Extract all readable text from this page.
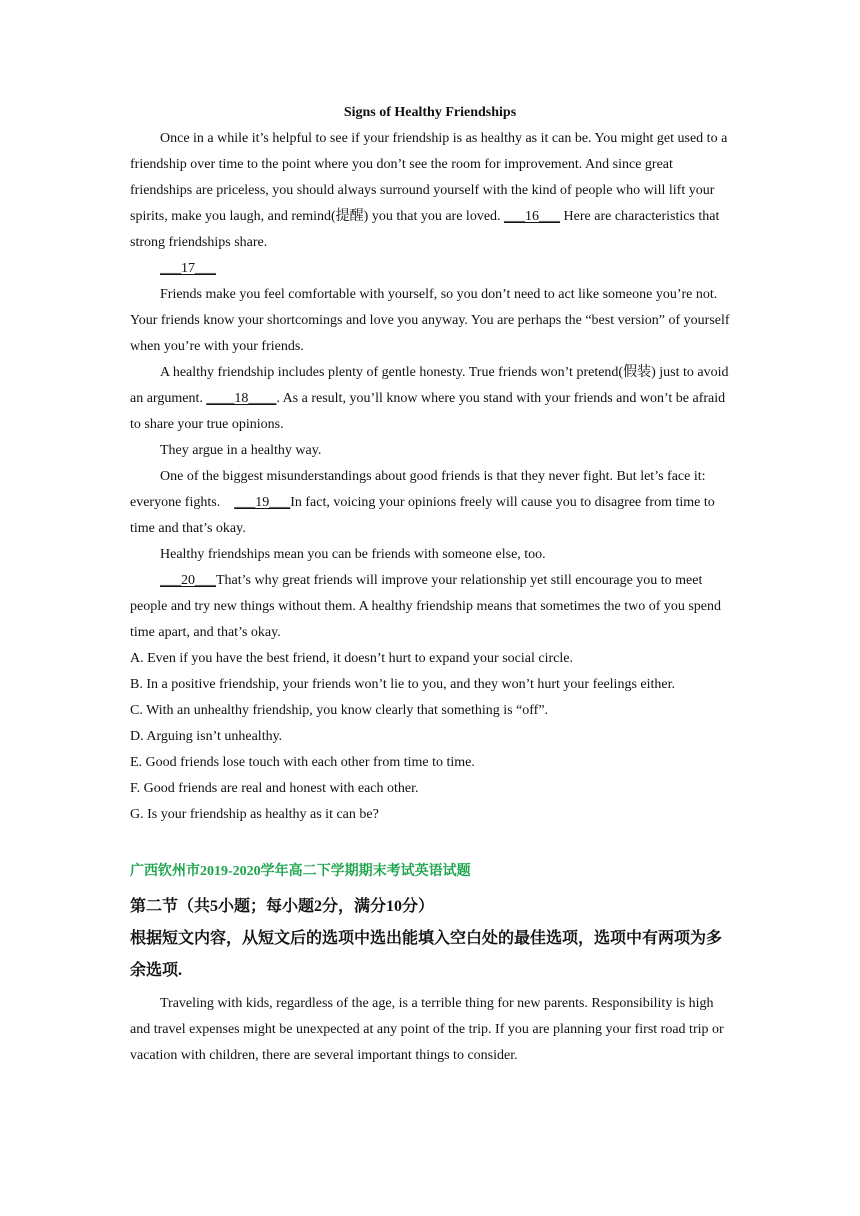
Signs of Healthy Friendships

Once in a while it’s helpful to see if your friendship is as healthy as it can be. You might get used to a friendship over time to the point where you don’t see the room for improvement. And since great friendships are priceless, you should always surround yourself with the kind of people who will lift your spirits, make you laugh, and remind(提醒) you that you are loved. ___16___ Here are characteristics that strong friendships share.

___17___

Friends make you feel comfortable with yourself, so you don’t need to act like someone you’re not. Your friends know your shortcomings and love you anyway. You are perhaps the “best version” of yourself when you’re with your friends.

A healthy friendship includes plenty of gentle honesty. True friends won’t pretend(假装) just to avoid an argument. ____18____. As a result, you’ll know where you stand with your friends and won’t be afraid to share your true opinions.

They argue in a healthy way.

One of the biggest misunderstandings about good friends is that they never fight. But let’s face it: everyone fights.    ___19___In fact, voicing your opinions freely will cause you to disagree from time to time and that’s okay.

Healthy friendships mean you can be friends with someone else, too.

___20___That’s why great friends will improve your relationship yet still encourage you to meet people and try new things without them. A healthy friendship means that sometimes the two of you spend time apart, and that’s okay.

A. Even if you have the best friend, it doesn’t hurt to expand your social circle.

B. In a positive friendship, your friends won’t lie to you, and they won’t hurt your feelings either.

C. With an unhealthy friendship, you know clearly that something is “off”.

D. Arguing isn’t unhealthy.

E. Good friends lose touch with each other from time to time.

F. Good friends are real and honest with each other.

G. Is your friendship as healthy as it can be?

广西钦州市2019-2020学年高二下学期期末考试英语试题

第二节（共5小题；每小题2分，满分10分）

根据短文内容，从短文后的选项中选出能填入空白处的最佳选项，选项中有两项为多余选项.

Traveling with kids, regardless of the age, is a terrible thing for new parents. Responsibility is high and travel expenses might be unexpected at any point of the trip. If you are planning your first road trip or vacation with children, there are several important things to consider.
